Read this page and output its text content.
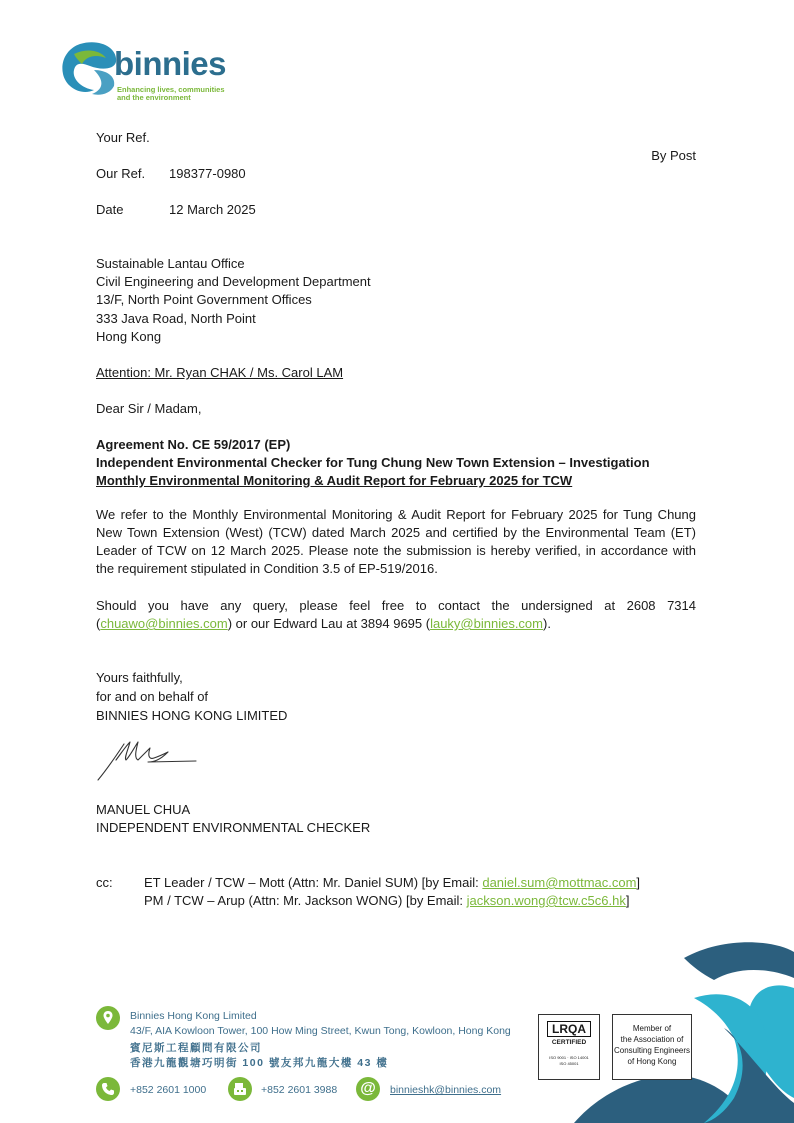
binnies
Enhancing lives, communities
and the environment
By Post
Your Ref.
Our Ref. 198377-0980
Date	12 March 2025
Sustainable Lantau Office
Civil Engineering and Development Department
13/F, North Point Government Offices
333 Java Road, North Point
Hong Kong
Attention: Mr. Ryan CHAK / Ms. Carol LAM
Dear Sir / Madam,
Agreement No. CE 59/2017 (EP)
Independent Environmental Checker for Tung Chung New Town Extension – Investigation
Monthly Environmental Monitoring & Audit Report for February 2025 for TCW
We refer to the Monthly Environmental Monitoring & Audit Report for February 2025 for Tung Chung New Town Extension (West) (TCW) dated March 2025 and certified by the Environmental Team (ET) Leader of TCW on 12 March 2025. Please note the submission is hereby verified, in accordance with the requirement stipulated in Condition 3.5 of EP-519/2016.
Should you have any query, please feel free to contact the undersigned at 2608 7314 (chuawo@binnies.com) or our Edward Lau at 3894 9695 (lauky@binnies.com).
Yours faithfully,
for and on behalf of
BINNIES HONG KONG LIMITED
MANUEL CHUA
INDEPENDENT ENVIRONMENTAL CHECKER
cc: ET Leader / TCW – Mott (Attn: Mr. Daniel SUM) [by Email: daniel.sum@mottmac.com]
PM / TCW – Arup (Attn: Mr. Jackson WONG) [by Email: jackson.wong@tcw.c5c6.hk]
Binnies Hong Kong Limited
43/F, AIA Kowloon Tower, 100 How Ming Street, Kwun Tong, Kowloon, Hong Kong
賓尼斯工程顧問有限公司
香港九龍觀塘巧明街 100 號友邦九龍大樓 43 樓
+852 2601 1000	+852 2601 3988 @	binnieshk@binnies.com
LRQA
CERTIFIED
ISO 9001 · ISO 14001
ISO 45001
Member of
the Association of
Consulting Engineers
of Hong Kong
